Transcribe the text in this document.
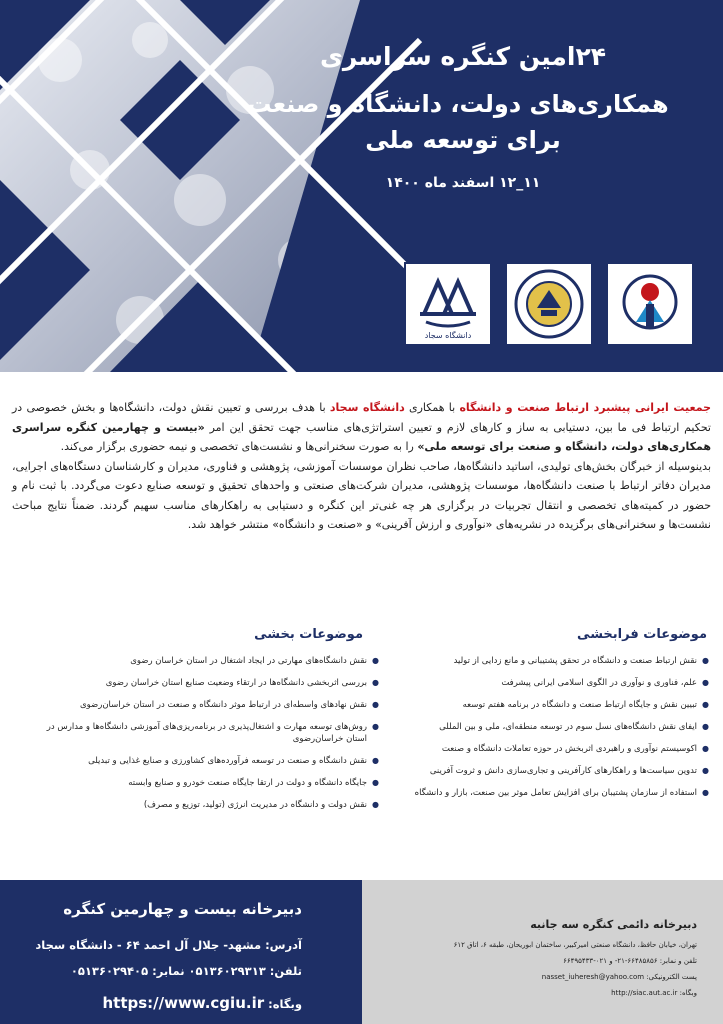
۲۴امین کنگره سراسری
همکاری‌های دولت، دانشگاه و صنعت
برای توسعه ملی
۱۱_۱۲ اسفند ماه ۱۴۰۰
دانشگاه سجاد

جمعیت ایرانی پیشبرد ارتباط صنعت و دانشگاه با همکاری دانشگاه سجاد با هدف بررسی و تعیین نقش دولت، دانشگاه‌ها و بخش خصوصی در تحکیم ارتباط فی ما بین، دستیابی به ساز و کارهای لازم و تعیین استراتژی‌های مناسب جهت تحقق این امر «بیست و چهارمین کنگره سراسری همکاری‌های دولت، دانشگاه و صنعت برای توسعه ملی» را به صورت سخنرانی‌ها و نشست‌های تخصصی و نیمه حضوری برگزار می‌کند.

بدینوسیله از خبرگان بخش‌های تولیدی، اساتید دانشگاه‌ها، صاحب نظران موسسات آموزشی، پژوهشی و فناوری، مدیران و کارشناسان دستگاه‌های اجرایی، مدیران دفاتر ارتباط با صنعت دانشگاه‌ها، موسسات پژوهشی، مدیران شرکت‌های صنعتی و واحدهای تحقیق و توسعه صنایع دعوت می‌گردد. با ثبت نام و حضور در کمیته‌های تخصصی و انتقال تجربیات در برگزاری هر چه غنی‌تر این کنگره و دستیابی به راهکارهای مناسب سهیم گردند. ضمناً نتایج مباحث نشست‌ها و سخنرانی‌های برگزیده در نشریه‌های «نوآوری و ارزش آفرینی» و «صنعت و دانشگاه» منتشر خواهد شد.

موضوعات فرابخشی
● نقش ارتباط صنعت و دانشگاه در تحقق پشتیبانی و مانع زدایی از تولید
● علم، فناوری و نوآوری در الگوی اسلامی ایرانی پیشرفت
● تبیین نقش و جایگاه ارتباط صنعت و دانشگاه در برنامه هفتم توسعه
● ایفای نقش دانشگاه‌های نسل سوم در توسعه منطقه‌ای، ملی و بین المللی
● اکوسیستم نوآوری و راهبردی اثربخش در حوزه تعاملات دانشگاه و صنعت
● تدوین سیاست‌ها و راهکارهای کارآفرینی و تجاری‌سازی دانش و ثروت آفرینی
● استفاده از سازمان پشتیبان برای افزایش تعامل موثر بین صنعت، بازار و دانشگاه
موضوعات بخشی
● نقش دانشگاه‌های مهارتی در ایجاد اشتغال در استان خراسان رضوی
● بررسی اثربخشی دانشگاه‌ها در ارتقاء وضعیت صنایع استان خراسان رضوی
● نقش نهادهای واسطه‌ای در ارتباط موثر دانشگاه و صنعت در استان خراسان‌رضوی
● روش‌های توسعه مهارت و اشتغال‌پذیری در برنامه‌ریزی‌های آموزشی دانشگاه‌ها و مدارس در استان خراسان‌رضوی
● نقش دانشگاه و صنعت در توسعه فرآورده‌های کشاورزی و صنایع غذایی و تبدیلی
● جایگاه دانشگاه و دولت در ارتقا جایگاه صنعت خودرو و صنایع وابسته
● نقش دولت و دانشگاه در مدیریت انرژی (تولید، توزیع و مصرف)
دبیرخانه بیست و چهارمین کنگره
آدرس: مشهد- جلال آل احمد ۶۴ - دانشگاه سجاد
تلفن: ۰۵۱۳۶۰۲۹۳۱۳ نمابر: ۰۵۱۳۶۰۲۹۴۰۵
وبگاه: https://www.cgiu.ir
دبیرخانه دائمی کنگره سه جانبه
تهران، خیابان حافظ، دانشگاه صنعتی امیرکبیر، ساختمان ابوریحان، طبقه ۶، اتاق ۶۱۲
تلفن و نمابر: ۶۶۴۸۵۸۵۶-۲۱- و ۰۲۱-۶۶۴۹۵۴۳۳
پست الکترونیکی: nasset_iuheresh@yahoo.com
وبگاه: http://siac.aut.ac.ir
